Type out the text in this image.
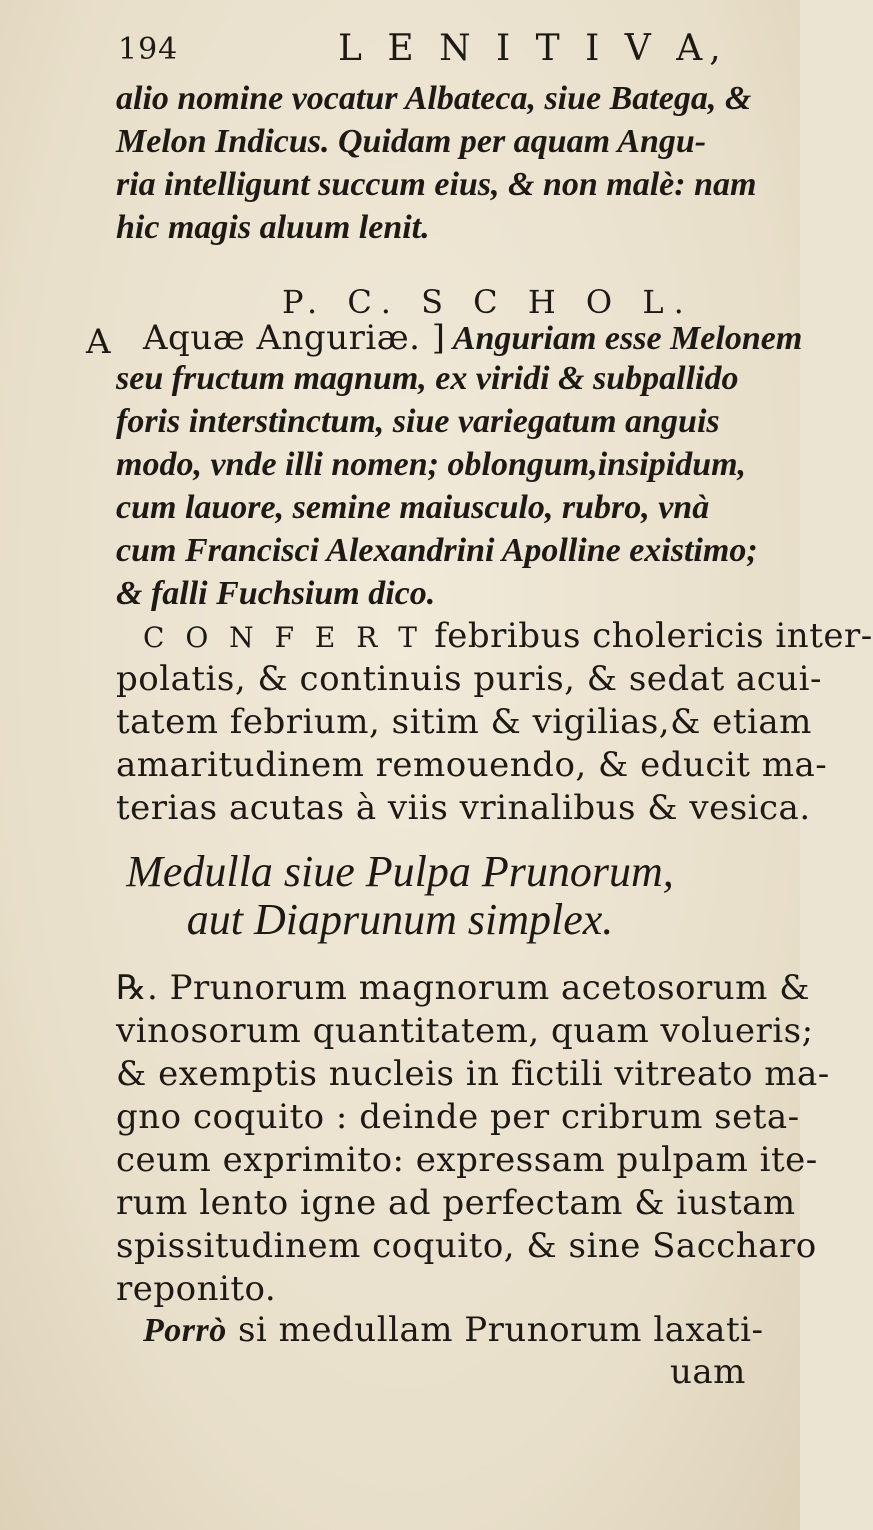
194	L E N I T I V A,
alio nomine vocatur Albateca, siue Batega, &
Melon Indicus. Quidam per aquam Angu-
ria intelligunt succum eius, & non malè: nam
hic magis aluum lenit.
P. C. S C H O L.
A Aquæ Anguriæ. ] Anguriam esse Melonem
seu fructum magnum, ex viridi & subpallido
foris interstinctum, siue variegatum anguis
modo, vnde illi nomen; oblongum,insipidum,
cum lauore, semine maiusculo, rubro, vnà
cum Francisci Alexandrini Apolline existimo;
& falli Fuchsium dico.
C O N F E R T febribus cholericis inter-
polatis, & continuis puris, & sedat acui-
tatem febrium, sitim & vigilias,& etiam
amaritudinem remouendo, & educit ma-
terias acutas à viis vrinalibus & vesica.
Medulla siue Pulpa Prunorum,
aut Diaprunum simplex.
℞. Prunorum magnorum acetosorum &
vinosorum quantitatem, quam volueris;
& exemptis nucleis in fictili vitreato ma-
gno coquito : deinde per cribrum seta-
ceum exprimito: expressam pulpam ite-
rum lento igne ad perfectam & iustam
spissitudinem coquito, & sine Saccharo
reponito.
Porrò si medullam Prunorum laxati-
uam
